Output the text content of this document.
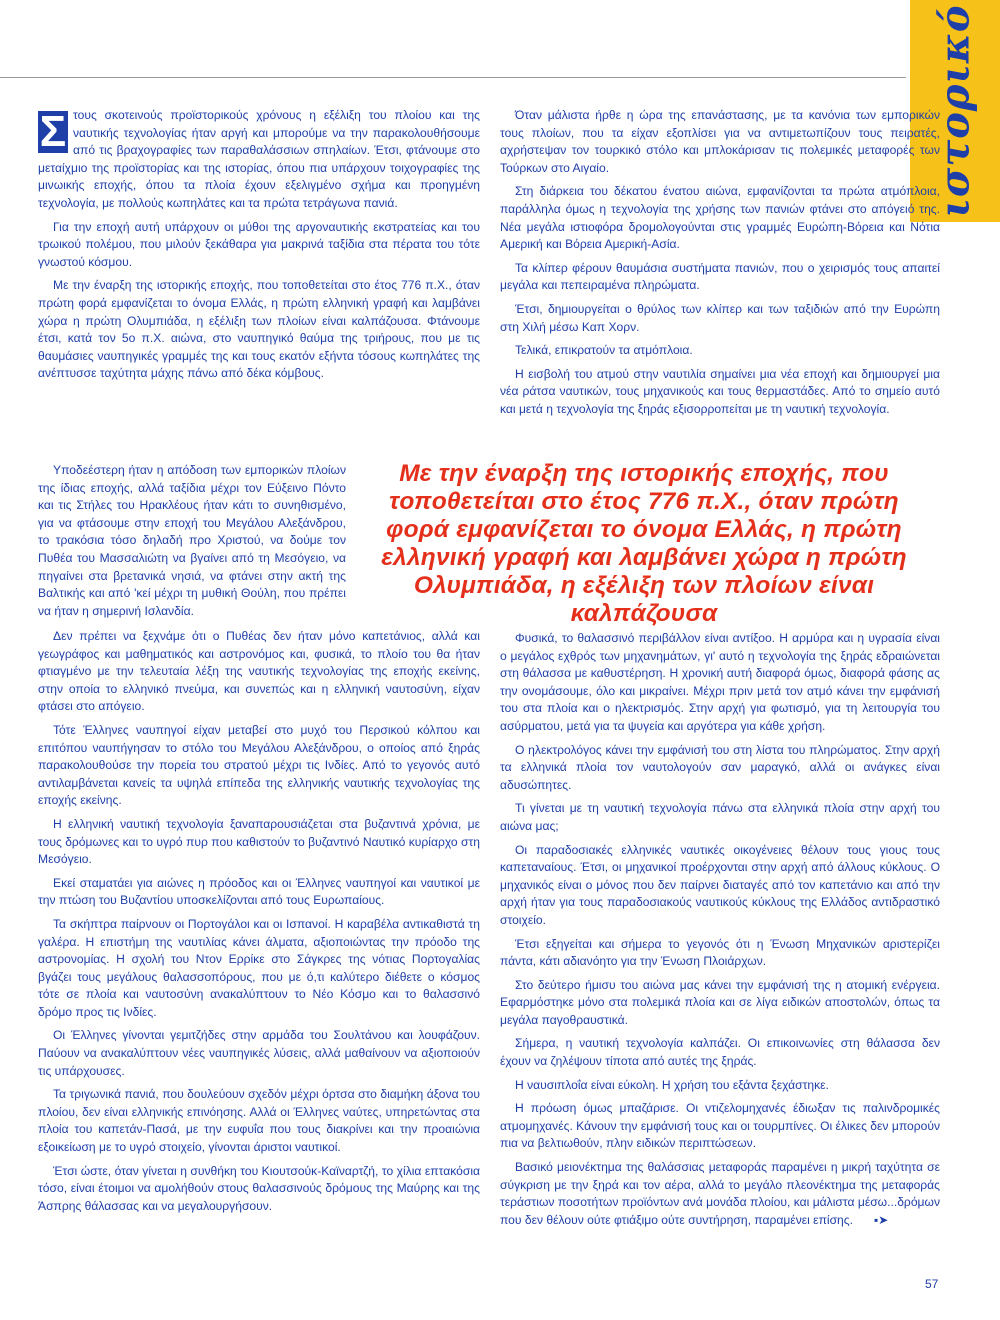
ιστορικό

Σ τους σκοτεινούς προϊστορικούς χρόνους η εξέλιξη του πλοίου και της ναυτικής τεχνολογίας ήταν αργή και μπορούμε να την παρακολουθήσουμε από τις βραχογραφίες των παραθαλάσσιων σπηλαίων. Έτσι, φτάνουμε στο μεταίχμιο της προϊστορίας και της ιστορίας, όπου πια υπάρχουν τοιχογραφίες της μινωικής εποχής, όπου τα πλοία έχουν εξελιγμένο σχήμα και προηγμένη τεχνολογία, με πολλούς κωπηλάτες και τα πρώτα τετράγωνα πανιά.

Για την εποχή αυτή υπάρχουν οι μύθοι της αργοναυτικής εκστρατείας και του τρωικού πολέμου, που μιλούν ξεκάθαρα για μακρινά ταξίδια στα πέρατα του τότε γνωστού κόσμου.

Με την έναρξη της ιστορικής εποχής, που τοποθετείται στο έτος 776 π.Χ., όταν πρώτη φορά εμφανίζεται το όνομα Ελλάς, η πρώτη ελληνική γραφή και λαμβάνει χώρα η πρώτη Ολυμπιάδα, η εξέλιξη των πλοίων είναι καλπάζουσα. Φτάνουμε έτσι, κατά τον 5ο π.Χ. αιώνα, στο ναυπηγικό θαύμα της τριήρους, που με τις θαυμάσιες ναυπηγικές γραμμές της και τους εκατόν εξήντα τόσους κωπηλάτες της ανέπτυσσε ταχύτητα μάχης πάνω από δέκα κόμβους.

Υποδεέστερη ήταν η απόδοση των εμπορικών πλοίων της ίδιας εποχής, αλλά ταξίδια μέχρι τον Εύξεινο Πόντο και τις Στήλες του Ηρακλέους ήταν κάτι το συνηθισμένο, για να φτάσουμε στην εποχή του Μεγάλου Αλεξάνδρου, το τρακόσια τόσο δηλαδή προ Χριστού, να δούμε τον Πυθέα του Μασσαλιώτη να βγαίνει από τη Μεσόγειο, να πηγαίνει στα βρετανικά νησιά, να φτάνει στην ακτή της Βαλτικής και από 'κεί μέχρι τη μυθική Θούλη, που πρέπει να ήταν η σημερινή Ισλανδία.

Δεν πρέπει να ξεχνάμε ότι ο Πυθέας δεν ήταν μόνο καπετάνιος, αλλά και γεωγράφος και μαθηματικός και αστρονόμος και, φυσικά, το πλοίο του θα ήταν φτιαγμένο με την τελευταία λέξη της ναυτικής τεχνολογίας της εποχής εκείνης, στην οποία το ελληνικό πνεύμα, και συνεπώς και η ελληνική ναυτοσύνη, είχαν φτάσει στο απόγειο.

Τότε Έλληνες ναυπηγοί είχαν μεταβεί στο μυχό του Περσικού κόλπου και επιτόπου ναυπήγησαν το στόλο του Μεγάλου Αλεξάνδρου, ο οποίος από ξηράς παρακολουθούσε την πορεία του στρατού μέχρι τις Ινδίες. Από το γεγονός αυτό αντιλαμβάνεται κανείς τα υψηλά επίπεδα της ελληνικής ναυτικής τεχνολογίας της εποχής εκείνης.

Η ελληνική ναυτική τεχνολογία ξαναπαρουσιάζεται στα βυζαντινά χρόνια, με τους δρόμωνες και το υγρό πυρ που καθιστούν το βυζαντινό Ναυτικό κυρίαρχο στη Μεσόγειο.

Εκεί σταματάει για αιώνες η πρόοδος και οι Έλληνες ναυπηγοί και ναυτικοί με την πτώση του Βυζαντίου υποσκελίζονται από τους Ευρωπαίους.

Τα σκήπτρα παίρνουν οι Πορτογάλοι και οι Ισπανοί. Η καραβέλα αντικαθιστά τη γαλέρα. Η επιστήμη της ναυτιλίας κάνει άλματα, αξιοποιώντας την πρόοδο της αστρονομίας. Η σχολή του Ντον Ερρίκε στο Σάγκρες της νότιας Πορτογαλίας βγάζει τους μεγάλους θαλασσοπόρους, που με ό,τι καλύτερο διέθετε ο κόσμος τότε σε πλοία και ναυτοσύνη ανακαλύπτουν το Νέο Κόσμο και το θαλασσινό δρόμο προς τις Ινδίες.

Οι Έλληνες γίνονται γεμιτζήδες στην αρμάδα του Σουλτάνου και λουφάζουν. Παύουν να ανακαλύπτουν νέες ναυπηγικές λύσεις, αλλά μαθαίνουν να αξιοποιούν τις υπάρχουσες.

Τα τριγωνικά πανιά, που δουλεύουν σχεδόν μέχρι όρτσα στο διαμήκη άξονα του πλοίου, δεν είναι ελληνικής επινόησης. Αλλά οι Έλληνες ναύτες, υπηρετώντας στα πλοία του καπετάν-Πασά, με την ευφυΐα που τους διακρίνει και την προαιώνια εξοικείωση με το υγρό στοιχείο, γίνονται άριστοι ναυτικοί.

Έτσι ώστε, όταν γίνεται η συνθήκη του Κιουτσούκ-Καϊναρτζή, το χίλια επτακόσια τόσο, είναι έτοιμοι να αμολήθούν στους θαλασσινούς δρόμους της Μαύρης και της Άσπρης θάλασσας και να μεγαλουργήσουν.

Όταν μάλιστα ήρθε η ώρα της επανάστασης, με τα κανόνια των εμπορικών τους πλοίων, που τα είχαν εξοπλίσει για να αντιμετωπίζουν τους πειρατές, αχρήστεψαν τον τουρκικό στόλο και μπλοκάρισαν τις πολεμικές μεταφορές των Τούρκων στο Αιγαίο.

Στη διάρκεια του δέκατου ένατου αιώνα, εμφανίζονται τα πρώτα ατμόπλοια, παράλληλα όμως η τεχνολογία της χρήσης των πανιών φτάνει στο απόγειό της. Νέα μεγάλα ιστιοφόρα δρομολογούνται στις γραμμές Ευρώπη-Βόρεια και Νότια Αμερική και Βόρεια Αμερική-Ασία.

Τα κλίπερ φέρουν θαυμάσια συστήματα πανιών, που ο χειρισμός τους απαιτεί μεγάλα και πεπειραμένα πληρώματα.

Έτσι, δημιουργείται ο θρύλος των κλίπερ και των ταξιδιών από την Ευρώπη στη Χιλή μέσω Καπ Χορν.

Τελικά, επικρατούν τα ατμόπλοια.

Η εισβολή του ατμού στην ναυτιλία σημαίνει μια νέα εποχή και δημιουργεί μια νέα ράτσα ναυτικών, τους μηχανικούς και τους θερμαστάδες. Από το σημείο αυτό και μετά η τεχνολογία της ξηράς εξισορροπείται με τη ναυτική τεχνολογία.

Με την έναρξη της ιστορικής εποχής, που τοποθετείται στο έτος 776 π.Χ., όταν πρώτη φορά εμφανίζεται το όνομα Ελλάς, η πρώτη ελληνική γραφή και λαμβάνει χώρα η πρώτη Ολυμπιάδα, η εξέλιξη των πλοίων είναι καλπάζουσα

Φυσικά, το θαλασσινό περιβάλλον είναι αντίξοο. Η αρμύρα και η υγρασία είναι ο μεγάλος εχθρός των μηχανημάτων, γι' αυτό η τεχνολογία της ξηράς εδραιώνεται στη θάλασσα με καθυστέρηση. Η χρονική αυτή διαφορά όμως, διαφορά φάσης ας την ονομάσουμε, όλο και μικραίνει. Μέχρι πριν μετά τον ατμό κάνει την εμφάνισή του στα πλοία και ο ηλεκτρισμός. Στην αρχή για φωτισμό, για τη λειτουργία του ασύρματου, μετά για τα ψυγεία και αργότερα για κάθε χρήση.

Ο ηλεκτρολόγος κάνει την εμφάνισή του στη λίστα του πληρώματος. Στην αρχή τα ελληνικά πλοία τον ναυτολογούν σαν μαραγκό, αλλά οι ανάγκες είναι αδυσώπητες.

Τι γίνεται με τη ναυτική τεχνολογία πάνω στα ελληνικά πλοία στην αρχή του αιώνα μας;

Οι παραδοσιακές ελληνικές ναυτικές οικογένειες θέλουν τους γιους τους καπεταναίους. Έτσι, οι μηχανικοί προέρχονται στην αρχή από άλλους κύκλους. Ο μηχανικός είναι ο μόνος που δεν παίρνει διαταγές από τον καπετάνιο και από την αρχή ήταν για τους παραδοσιακούς ναυτικούς κύκλους της Ελλάδος αντιδραστικό στοιχείο.

Έτσι εξηγείται και σήμερα το γεγονός ότι η Ένωση Μηχανικών αριστερίζει πάντα, κάτι αδιανόητο για την Ένωση Πλοιάρχων.

Στο δεύτερο ήμισυ του αιώνα μας κάνει την εμφάνισή της η ατομική ενέργεια. Εφαρμόστηκε μόνο στα πολεμικά πλοία και σε λίγα ειδικών αποστολών, όπως τα μεγάλα παγοθραυστικά.

Σήμερα, η ναυτική τεχνολογία καλπάζει. Οι επικοινωνίες στη θάλασσα δεν έχουν να ζηλέψουν τίποτα από αυτές της ξηράς.

Η ναυσιπλοΐα είναι εύκολη. Η χρήση του εξάντα ξεχάστηκε.

Η πρόωση όμως μπαζάρισε. Οι ντιζελομηχανές έδιωξαν τις παλινδρομικές ατμομηχανές. Κάνουν την εμφάνισή τους και οι τουρμπίνες. Οι έλικες δεν μπορούν πια να βελτιωθούν, πλην ειδικών περιπτώσεων.

Βασικό μειονέκτημα της θαλάσσιας μεταφοράς παραμένει η μικρή ταχύτητα σε σύγκριση με την ξηρά και τον αέρα, αλλά το μεγάλο πλεονέκτημα της μεταφοράς τεράστιων ποσοτήτων προϊόντων ανά μονάδα πλοίου, και μάλιστα μέσω...δρόμων που δεν θέλουν ούτε φτιάξιμο ούτε συντήρηση, παραμένει επίσης. ▪➤

57
